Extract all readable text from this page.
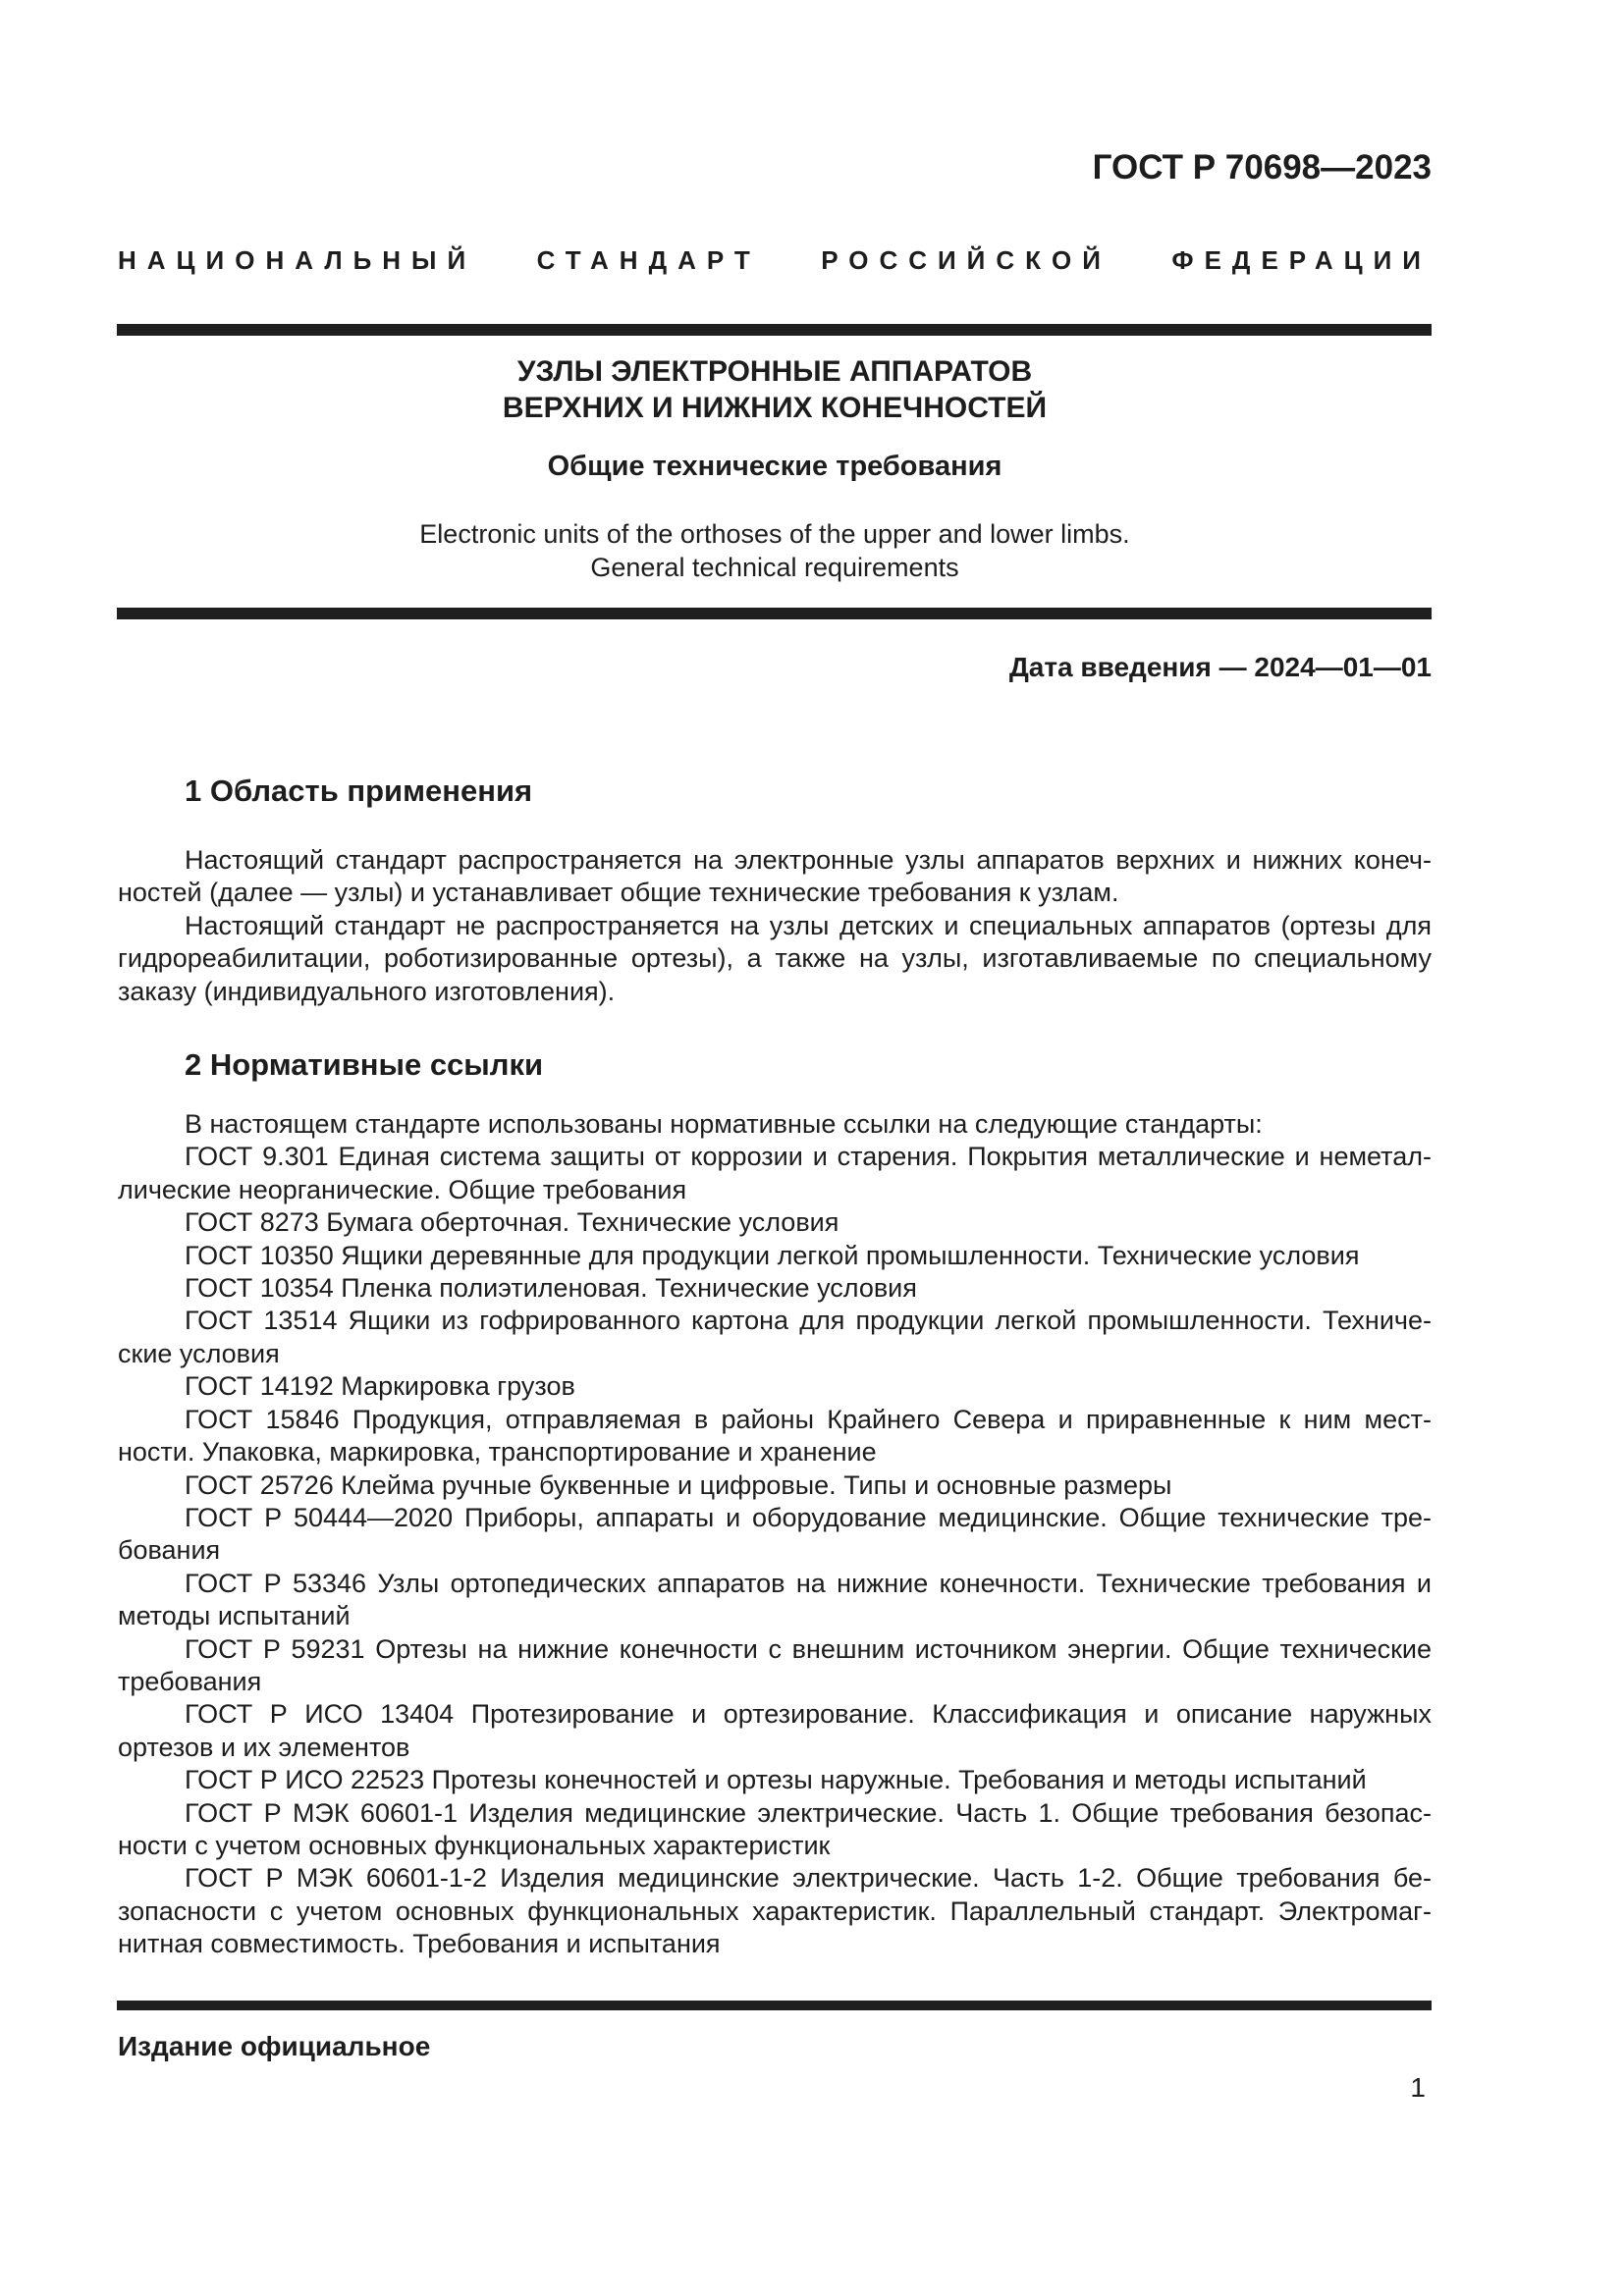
ГОСТ Р 70698—2023
НАЦИОНАЛЬНЫЙ СТАНДАРТ РОССИЙСКОЙ ФЕДЕРАЦИИ
УЗЛЫ ЭЛЕКТРОННЫЕ АППАРАТОВ
ВЕРХНИХ И НИЖНИХ КОНЕЧНОСТЕЙ
Общие технические требования
Electronic units of the orthoses of the upper and lower limbs.
General technical requirements
Дата введения — 2024—01—01
1 Область применения
Настоящий стандарт распространяется на электронные узлы аппаратов верхних и нижних конеч-
ностей (далее — узлы) и устанавливает общие технические требования к узлам.
Настоящий стандарт не распространяется на узлы детских и специальных аппаратов (ортезы для
гидрореабилитации, роботизированные ортезы), а также на узлы, изготавливаемые по специальному
заказу (индивидуального изготовления).
2 Нормативные ссылки
В настоящем стандарте использованы нормативные ссылки на следующие стандарты:
ГОСТ 9.301 Единая система защиты от коррозии и старения. Покрытия металлические и неметал-
лические неорганические. Общие требования
ГОСТ 8273 Бумага оберточная. Технические условия
ГОСТ 10350 Ящики деревянные для продукции легкой промышленности. Технические условия
ГОСТ 10354 Пленка полиэтиленовая. Технические условия
ГОСТ 13514 Ящики из гофрированного картона для продукции легкой промышленности. Техниче-
ские условия
ГОСТ 14192 Маркировка грузов
ГОСТ 15846 Продукция, отправляемая в районы Крайнего Севера и приравненные к ним мест-
ности. Упаковка, маркировка, транспортирование и хранение
ГОСТ 25726 Клейма ручные буквенные и цифровые. Типы и основные размеры
ГОСТ Р 50444—2020 Приборы, аппараты и оборудование медицинские. Общие технические тре-
бования
ГОСТ Р 53346 Узлы ортопедических аппаратов на нижние конечности. Технические требования и
методы испытаний
ГОСТ Р 59231 Ортезы на нижние конечности с внешним источником энергии. Общие технические
требования
ГОСТ Р ИСО 13404 Протезирование и ортезирование. Классификация и описание наружных
ортезов и их элементов
ГОСТ Р ИСО 22523 Протезы конечностей и ортезы наружные. Требования и методы испытаний
ГОСТ Р МЭК 60601-1 Изделия медицинские электрические. Часть 1. Общие требования безопас-
ности с учетом основных функциональных характеристик
ГОСТ Р МЭК 60601-1-2 Изделия медицинские электрические. Часть 1-2. Общие требования бе-
зопасности с учетом основных функциональных характеристик. Параллельный стандарт. Электромаг-
нитная совместимость. Требования и испытания
Издание официальное
1
